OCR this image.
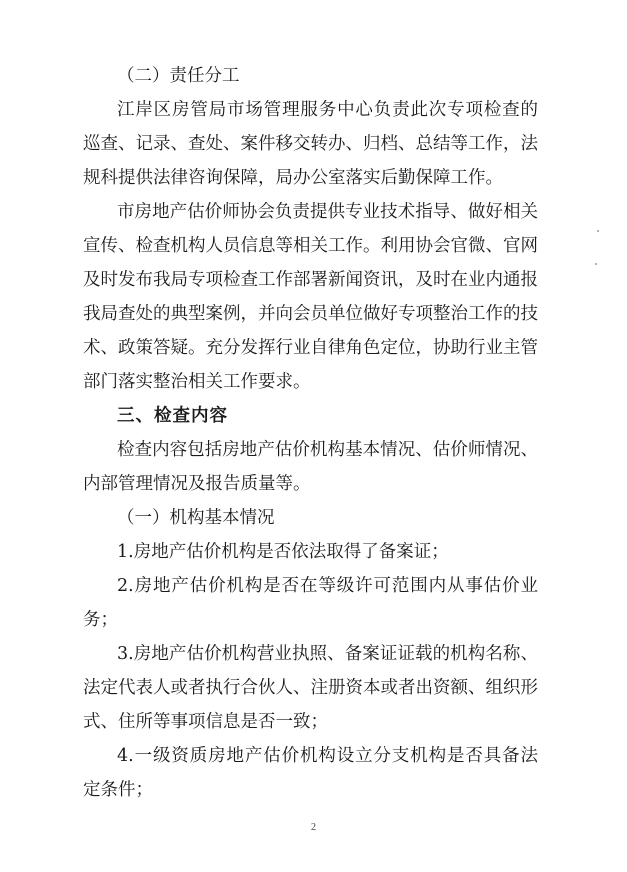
（二）责任分工
江岸区房管局市场管理服务中心负责此次专项检查的
巡查、记录、查处、案件移交转办、归档、总结等工作，法
规科提供法律咨询保障，局办公室落实后勤保障工作。
市房地产估价师协会负责提供专业技术指导、做好相关
宣传、检查机构人员信息等相关工作。利用协会官微、官网
及时发布我局专项检查工作部署新闻资讯，及时在业内通报
我局查处的典型案例，并向会员单位做好专项整治工作的技
术、政策答疑。充分发挥行业自律角色定位，协助行业主管
部门落实整治相关工作要求。
三、检查内容
检查内容包括房地产估价机构基本情况、估价师情况、
内部管理情况及报告质量等。
（一）机构基本情况
1.房地产估价机构是否依法取得了备案证；
2.房地产估价机构是否在等级许可范围内从事估价业
务；
3.房地产估价机构营业执照、备案证证载的机构名称、
法定代表人或者执行合伙人、注册资本或者出资额、组织形
式、住所等事项信息是否一致；
4.一级资质房地产估价机构设立分支机构是否具备法
定条件；
2
